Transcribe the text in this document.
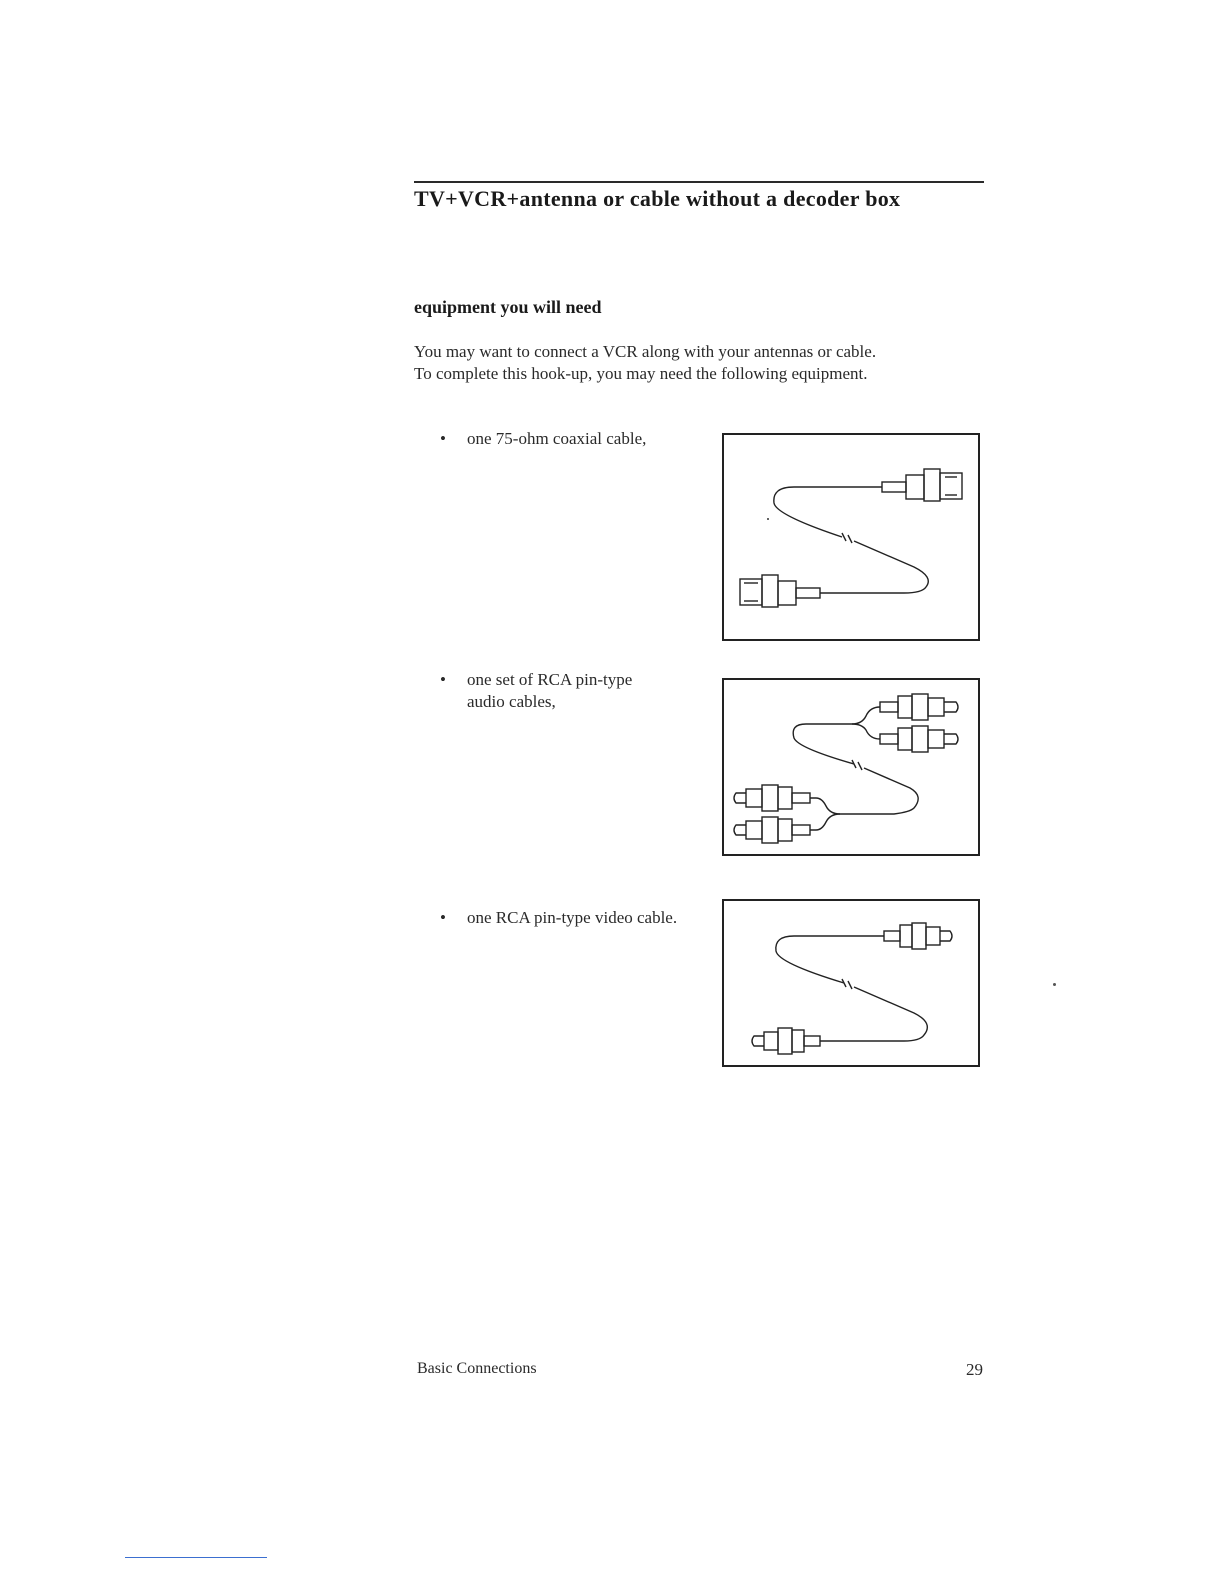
TV+VCR+antenna or cable without a decoder box
equipment you will need

You may want to connect a VCR along with your antennas or cable.

To complete this hook-up, you may need the following equipment.

• one 75-ohm coaxial cable,
• one set of RCA pin-type
audio cables,
• one RCA pin-type video cable.
Basic Connections	29
